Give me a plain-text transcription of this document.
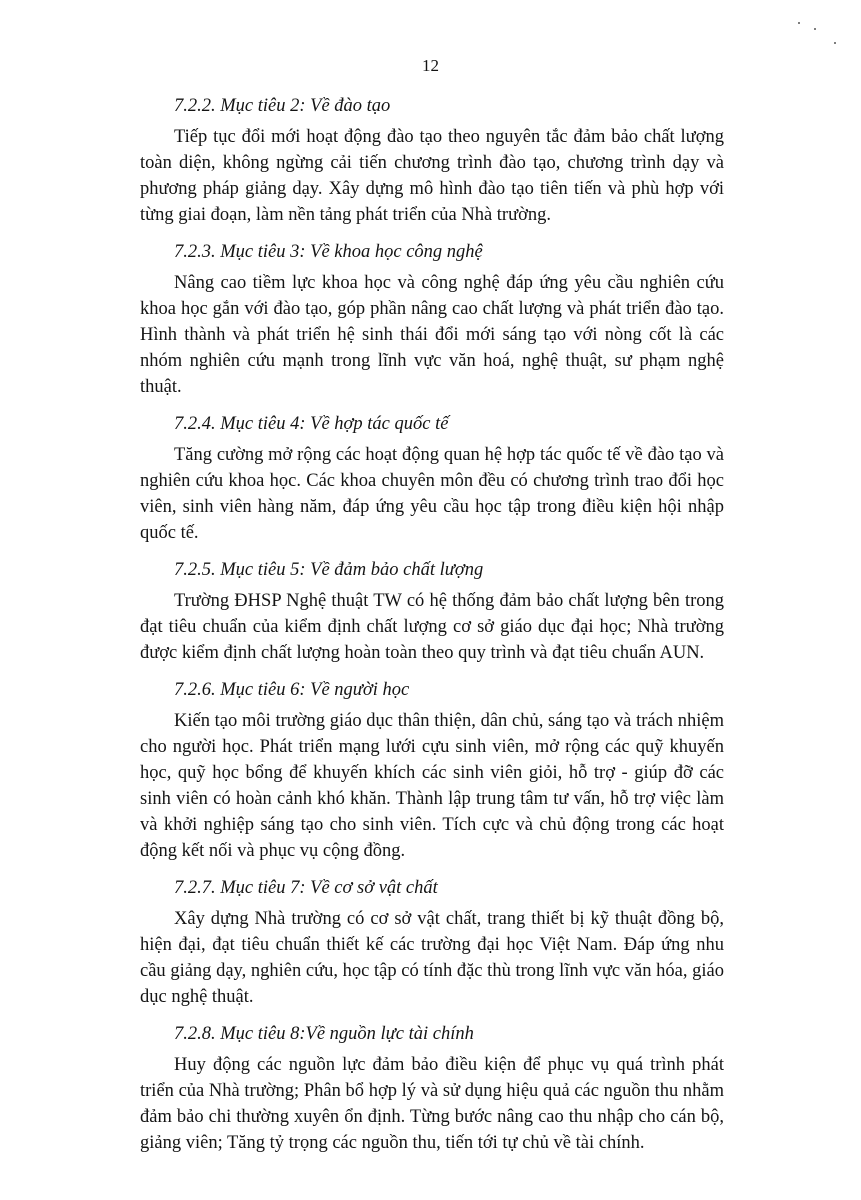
12
7.2.2. Mục tiêu 2: Về đào tạo

Tiếp tục đổi mới hoạt động đào tạo theo nguyên tắc đảm bảo chất lượng toàn diện, không ngừng cải tiến chương trình đào tạo, chương trình dạy và phương pháp giảng dạy. Xây dựng mô hình đào tạo tiên tiến và phù hợp với từng giai đoạn, làm nền tảng phát triển của Nhà trường.

7.2.3. Mục tiêu 3: Về khoa học công nghệ

Nâng cao tiềm lực khoa học và công nghệ đáp ứng yêu cầu nghiên cứu khoa học gắn với đào tạo, góp phần nâng cao chất lượng và phát triển đào tạo. Hình thành và phát triển hệ sinh thái đổi mới sáng tạo với nòng cốt là các nhóm nghiên cứu mạnh trong lĩnh vực văn hoá, nghệ thuật, sư phạm nghệ thuật.

7.2.4. Mục tiêu 4: Về hợp tác quốc tế

Tăng cường mở rộng các hoạt động quan hệ hợp tác quốc tế về đào tạo và nghiên cứu khoa học. Các khoa chuyên môn đều có chương trình trao đổi học viên, sinh viên hàng năm, đáp ứng yêu cầu học tập trong điều kiện hội nhập quốc tế.

7.2.5. Mục tiêu 5: Về đảm bảo chất lượng

Trường ĐHSP Nghệ thuật TW có hệ thống đảm bảo chất lượng bên trong đạt tiêu chuẩn của kiểm định chất lượng cơ sở giáo dục đại học; Nhà trường được kiểm định chất lượng hoàn toàn theo quy trình và đạt tiêu chuẩn AUN.

7.2.6. Mục tiêu 6: Về người học

Kiến tạo môi trường giáo dục thân thiện, dân chủ, sáng tạo và trách nhiệm cho người học. Phát triển mạng lưới cựu sinh viên, mở rộng các quỹ khuyến học, quỹ học bổng để khuyến khích các sinh viên giỏi, hỗ trợ - giúp đỡ các sinh viên có hoàn cảnh khó khăn. Thành lập trung tâm tư vấn, hỗ trợ việc làm và khởi nghiệp sáng tạo cho sinh viên. Tích cực và chủ động trong các hoạt động kết nối và phục vụ cộng đồng.

7.2.7. Mục tiêu 7: Về cơ sở vật chất

Xây dựng Nhà trường có cơ sở vật chất, trang thiết bị kỹ thuật đồng bộ, hiện đại, đạt tiêu chuẩn thiết kế các trường đại học Việt Nam. Đáp ứng nhu cầu giảng dạy, nghiên cứu, học tập có tính đặc thù trong lĩnh vực văn hóa, giáo dục nghệ thuật.

7.2.8. Mục tiêu 8:Về nguồn lực tài chính

Huy động các nguồn lực đảm bảo điều kiện để phục vụ quá trình phát triển của Nhà trường; Phân bổ hợp lý và sử dụng hiệu quả các nguồn thu nhằm đảm bảo chi thường xuyên ổn định. Từng bước nâng cao thu nhập cho cán bộ, giảng viên; Tăng tỷ trọng các nguồn thu, tiến tới tự chủ về tài chính.
